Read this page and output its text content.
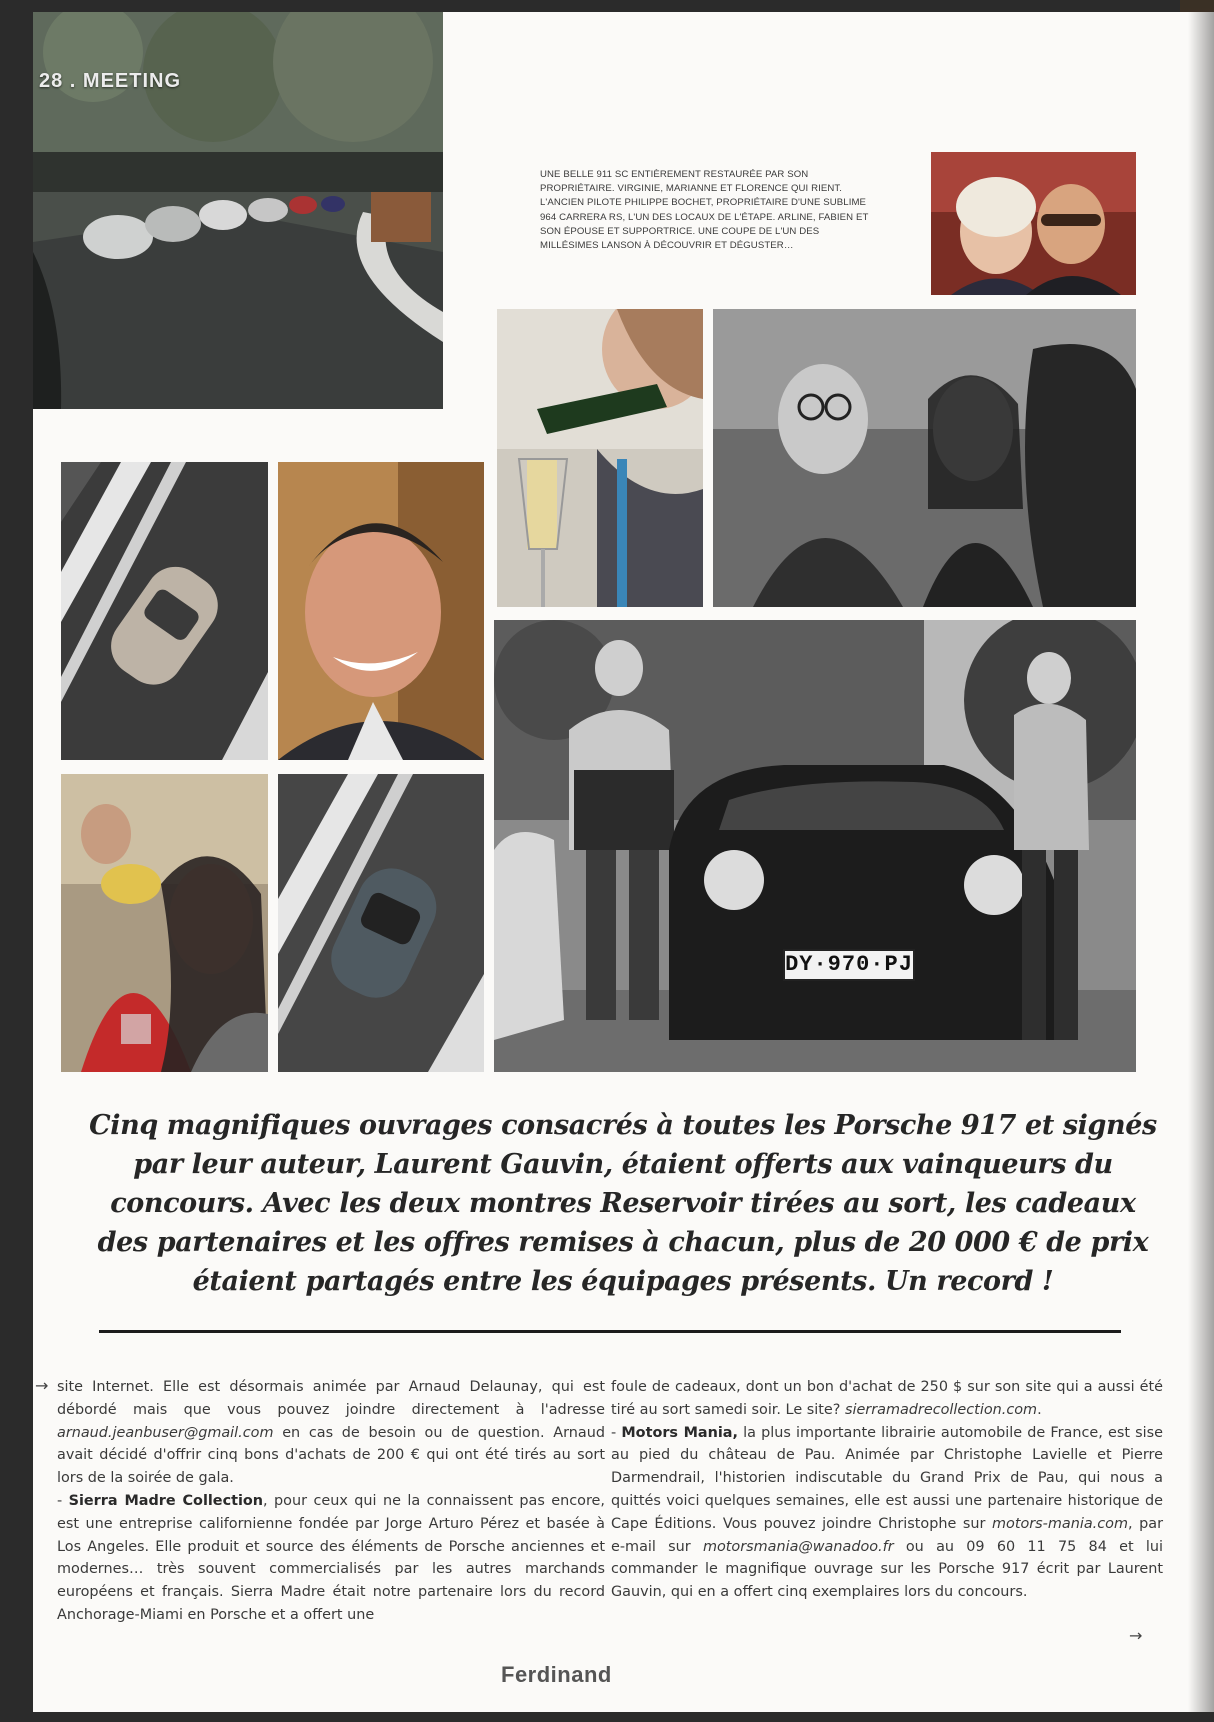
28 . MEETING
UNE BELLE 911 SC ENTIÈREMENT RESTAURÉE PAR SON PROPRIÉTAIRE. VIRGINIE, MARIANNE ET FLORENCE QUI RIENT. L'ANCIEN PILOTE PHILIPPE BOCHET, PROPRIÉTAIRE D'UNE SUBLIME 964 CARRERA RS, L'UN DES LOCAUX DE L'ÉTAPE. ARLINE, FABIEN ET SON ÉPOUSE ET SUPPORTRICE. UNE COUPE DE L'UN DES MILLÉSIMES LANSON À DÉCOUVRIR ET DÉGUSTER…
DY·970·PJ
Cinq magnifiques ouvrages consacrés à toutes les Porsche 917 et signés par leur auteur, Laurent Gauvin, étaient offerts aux vainqueurs du concours. Avec les deux montres Reservoir tirées au sort, les cadeaux des partenaires et les offres remises à chacun, plus de 20 000 € de prix étaient partagés entre les équipages présents. Un record !
→ site Internet. Elle est désormais animée par Arnaud Delaunay, qui est débordé mais que vous pouvez joindre directement à l'adresse arnaud.jeanbuser@gmail.com en cas de besoin ou de question. Arnaud avait décidé d'offrir cinq bons d'achats de 200 € qui ont été tirés au sort lors de la soirée de gala.

- Sierra Madre Collection, pour ceux qui ne la connaissent pas encore, est une entreprise californienne fondée par Jorge Arturo Pérez et basée à Los Angeles. Elle produit et source des éléments de Porsche anciennes et modernes… très souvent commercialisés par les autres marchands européens et français. Sierra Madre était notre partenaire lors du record Anchorage-Miami en Porsche et a offert une

foule de cadeaux, dont un bon d'achat de 250 $ sur son site qui a aussi été tiré au sort samedi soir. Le site? sierramadrecollection.com.

- Motors Mania, la plus importante librairie automobile de France, est sise au pied du château de Pau. Animée par Christophe Lavielle et Pierre Darmendrail, l'historien indiscutable du Grand Prix de Pau, qui nous a quittés voici quelques semaines, elle est aussi une partenaire historique de Cape Éditions. Vous pouvez joindre Christophe sur motors-mania.com, par e-mail sur motorsmania@wanadoo.fr ou au 09 60 11 75 84 et lui commander le magnifique ouvrage sur les Porsche 917 écrit par Laurent Gauvin, qui en a offert cinq exemplaires lors du concours.

→
Ferdinand
